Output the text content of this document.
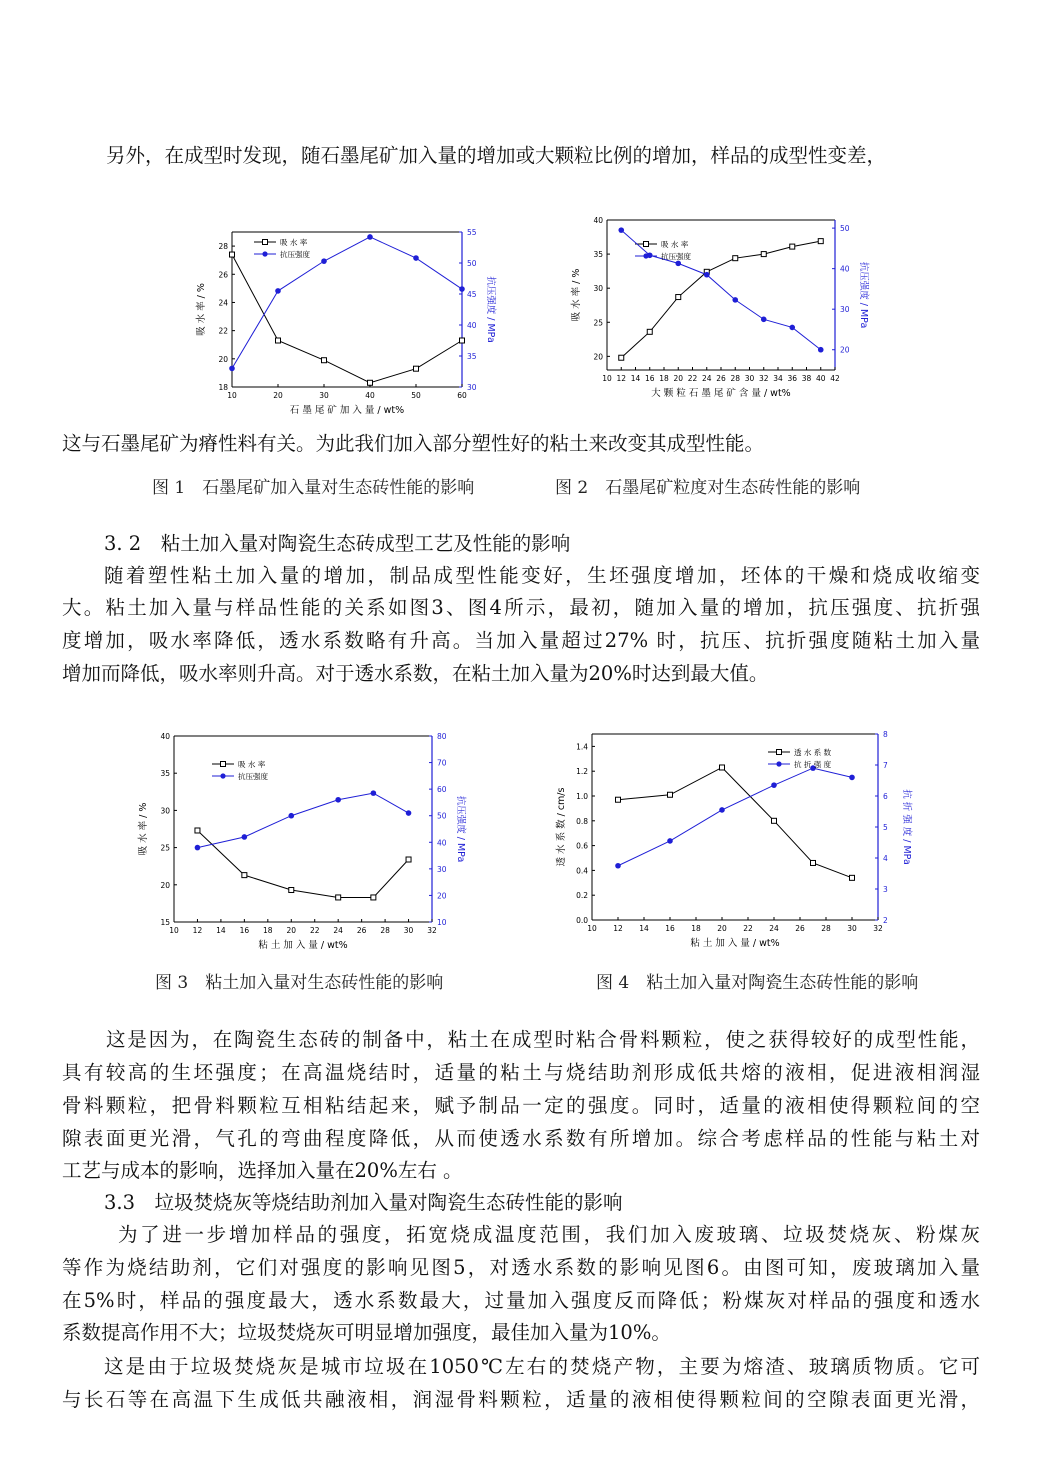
另外，在成型时发现，随石墨尾矿加入量的增加或大颗粒比例的增加，样品的成型性变差，
10	20	30	40	50	60
18
20
22
24
26
28
30
35
40
45
50
55
石 墨 尾 矿 加 入 量 / wt%
吸 水 率 / %	抗压强度 / MPa
吸 水 率
抗压强度
10 12 14 16 18 20 22 24 26 28 30 32 34 36 38 40 42
20
25
30
35
40
20
30
40
50
大 颗 粒 石 墨 尾 矿 含 量 / wt%
吸 水 率 / %	抗压强度 / MPa
吸 水 率
抗压强度
这与石墨尾矿为瘠性料有关。为此我们加入部分塑性好的粘土来改变其成型性能。
图 1　石墨尾矿加入量对生态砖性能的影响	图 2　石墨尾矿粒度对生态砖性能的影响
3. 2　粘土加入量对陶瓷生态砖成型工艺及性能的影响
随着塑性粘土加入量的增加，制品成型性能变好，生坯强度增加，坯体的干燥和烧成收缩变
大。粘土加入量与样品性能的关系如图3、图4所示，最初，随加入量的增加，抗压强度、抗折强
度增加，吸水率降低，透水系数略有升高。当加入量超过27% 时，抗压、抗折强度随粘土加入量
增加而降低，吸水率则升高。对于透水系数，在粘土加入量为20%时达到最大值。
10 12 14 16 18 20 22 24 26 28 30 32
15
20
25
30
35
40
10
20
30
40
50
60
70
80
粘 土 加 入 量 / wt%
吸 水 率 / %	抗压强度 / MPa
吸 水 率
抗压强度
10 12 14 16 18 20 22 24 26 28 30 32
0.0
0.2
0.4
0.6
0.8
1.0
1.2
1.4
2
3
4
5
6
7
8
粘 土 加 入 量 / wt%
透 水 系 数 / cm/s	抗 折 强 度 / MPa
透 水 系 数
抗 折 强 度
图 3　粘土加入量对生态砖性能的影响	图 4　粘土加入量对陶瓷生态砖性能的影响
这是因为，在陶瓷生态砖的制备中，粘土在成型时粘合骨料颗粒，使之获得较好的成型性能，
具有较高的生坯强度；在高温烧结时，适量的粘土与烧结助剂形成低共熔的液相，促进液相润湿
骨料颗粒，把骨料颗粒互相粘结起来，赋予制品一定的强度。同时，适量的液相使得颗粒间的空
隙表面更光滑，气孔的弯曲程度降低，从而使透水系数有所增加。综合考虑样品的性能与粘土对
工艺与成本的影响，选择加入量在20%左右 。
3.3　垃圾焚烧灰等烧结助剂加入量对陶瓷生态砖性能的影响
为了进一步增加样品的强度，拓宽烧成温度范围，我们加入废玻璃、垃圾焚烧灰、粉煤灰
等作为烧结助剂，它们对强度的影响见图5，对透水系数的影响见图6。由图可知，废玻璃加入量
在5%时，样品的强度最大，透水系数最大，过量加入强度反而降低；粉煤灰对样品的强度和透水
系数提高作用不大；垃圾焚烧灰可明显增加强度，最佳加入量为10%。
这是由于垃圾焚烧灰是城市垃圾在1050℃左右的焚烧产物，主要为熔渣、玻璃质物质。它可
与长石等在高温下生成低共融液相，润湿骨料颗粒，适量的液相使得颗粒间的空隙表面更光滑，
